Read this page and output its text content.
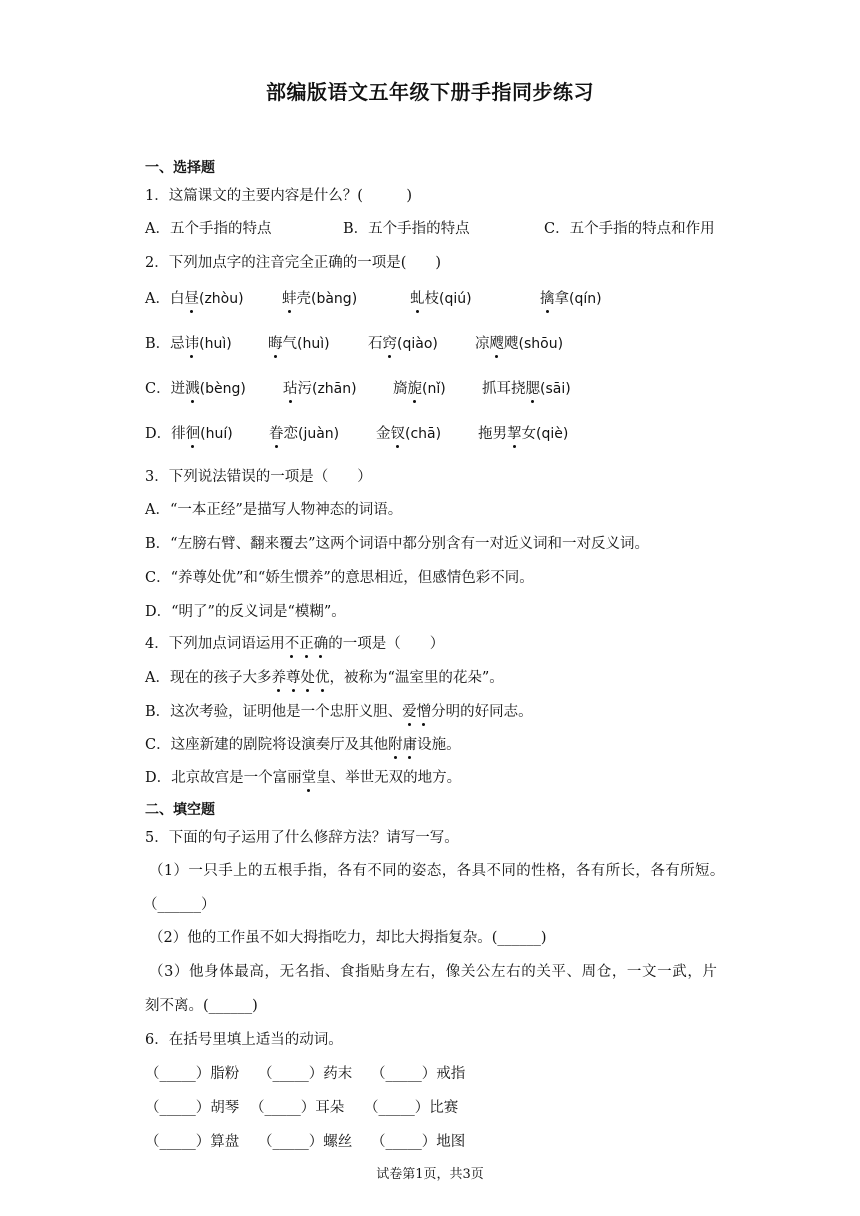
部编版语文五年级下册手指同步练习
一、选择题
1．这篇课文的主要内容是什么？(　　　)
A．五个手指的特点	B．五个手指的特点	C．五个手指的特点和作用
2．下列加点字的注音完全正确的一项是(　　)
A．白昼(zhòu)	蚌壳(bàng)	虬枝(qiú)	擒拿(qín)
B．忌讳(huì)	晦气(huì)	石窍(qiào)	凉飕飕(shōu)
C．迸溅(bèng)	玷污(zhān)	旖旎(nǐ)	抓耳挠腮(sāi)
D．徘徊(huí)	眷恋(juàn)	金钗(chā)	拖男挈女(qiè)
3．下列说法错误的一项是（　　）
A．“一本正经”是描写人物神态的词语。
B．“左膀右臂、翻来覆去”这两个词语中都分别含有一对近义词和一对反义词。
C．“养尊处优”和“娇生惯养”的意思相近，但感情色彩不同。
D．“明了”的反义词是“模糊”。
4．下列加点词语运用不正确的一项是（　　）
A．现在的孩子大多养尊处优，被称为“温室里的花朵”。
B．这次考验，证明他是一个忠肝义胆、爱憎分明的好同志。
C．这座新建的剧院将设演奏厅及其他附庸设施。
D．北京故宫是一个富丽堂皇、举世无双的地方。
二、填空题
5．下面的句子运用了什么修辞方法？请写一写。
（1）一只手上的五根手指，各有不同的姿态，各具不同的性格，各有所长，各有所短。
（______）
（2）他的工作虽不如大拇指吃力，却比大拇指复杂。(______)
（3）他身体最高，无名指、食指贴身左右，像关公左右的关平、周仓，一文一武，片
刻不离。(______)
6．在括号里填上适当的动词。
（_____）脂粉 （_____）药末 （_____）戒指
（_____）胡琴 （_____）耳朵 （_____）比赛
（_____）算盘 （_____）螺丝 （_____）地图
试卷第1页，共3页
